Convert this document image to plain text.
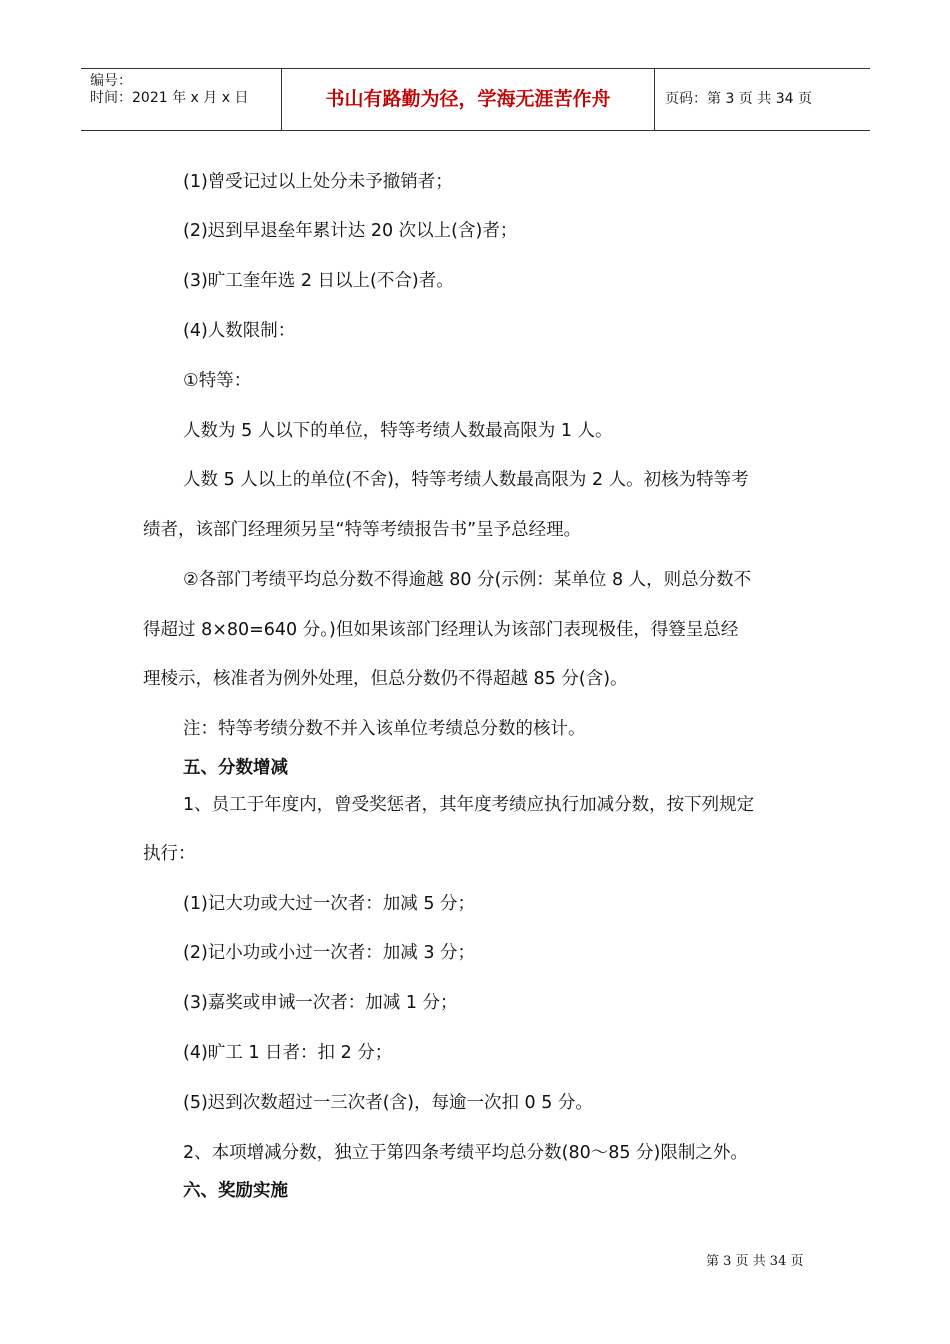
编号：
时间：2021 年 x 月 x 日	书山有路勤为径，学海无涯苦作舟	页码：第 3 页 共 34 页
(1)曾受记过以上处分未予撤销者；
(2)迟到早退垒年累计达 20 次以上(含)者；
(3)旷工奎年选 2 日以上(不合)者。
(4)人数限制：
①特等：
人数为 5 人以下的单位，特等考绩人数最高限为 1 人。
人数 5 人以上的单位(不舍)，特等考绩人数最高限为 2 人。初核为特等考
绩者，该部门经理须另呈“特等考绩报告书”呈予总经理。
②各部门考绩平均总分数不得逾越 80 分(示例：某单位 8 人，则总分数不
得超过 8×80=640 分。)但如果该部门经理认为该部门表现极佳，得簦呈总经
理棱示，核准者为例外处理，但总分数仍不得超越 85 分(含)。
注：特等考绩分数不并入该单位考绩总分数的核计。
五、分数增减
1、员工于年度内，曾受奖惩者，其年度考绩应执行加减分数，按下列规定
执行：
(1)记大功或大过一次者：加减 5 分；
(2)记小功或小过一次者：加减 3 分；
(3)嘉奖或申诫一次者：加减 1 分；
(4)旷工 1 日者：扣 2 分；
(5)迟到次数超过一三次者(含)，每逾一次扣 0 5 分。
2、本项增减分数，独立于第四条考绩平均总分数(80～85 分)限制之外。
六、奖励实施
第 3 页 共 34 页
